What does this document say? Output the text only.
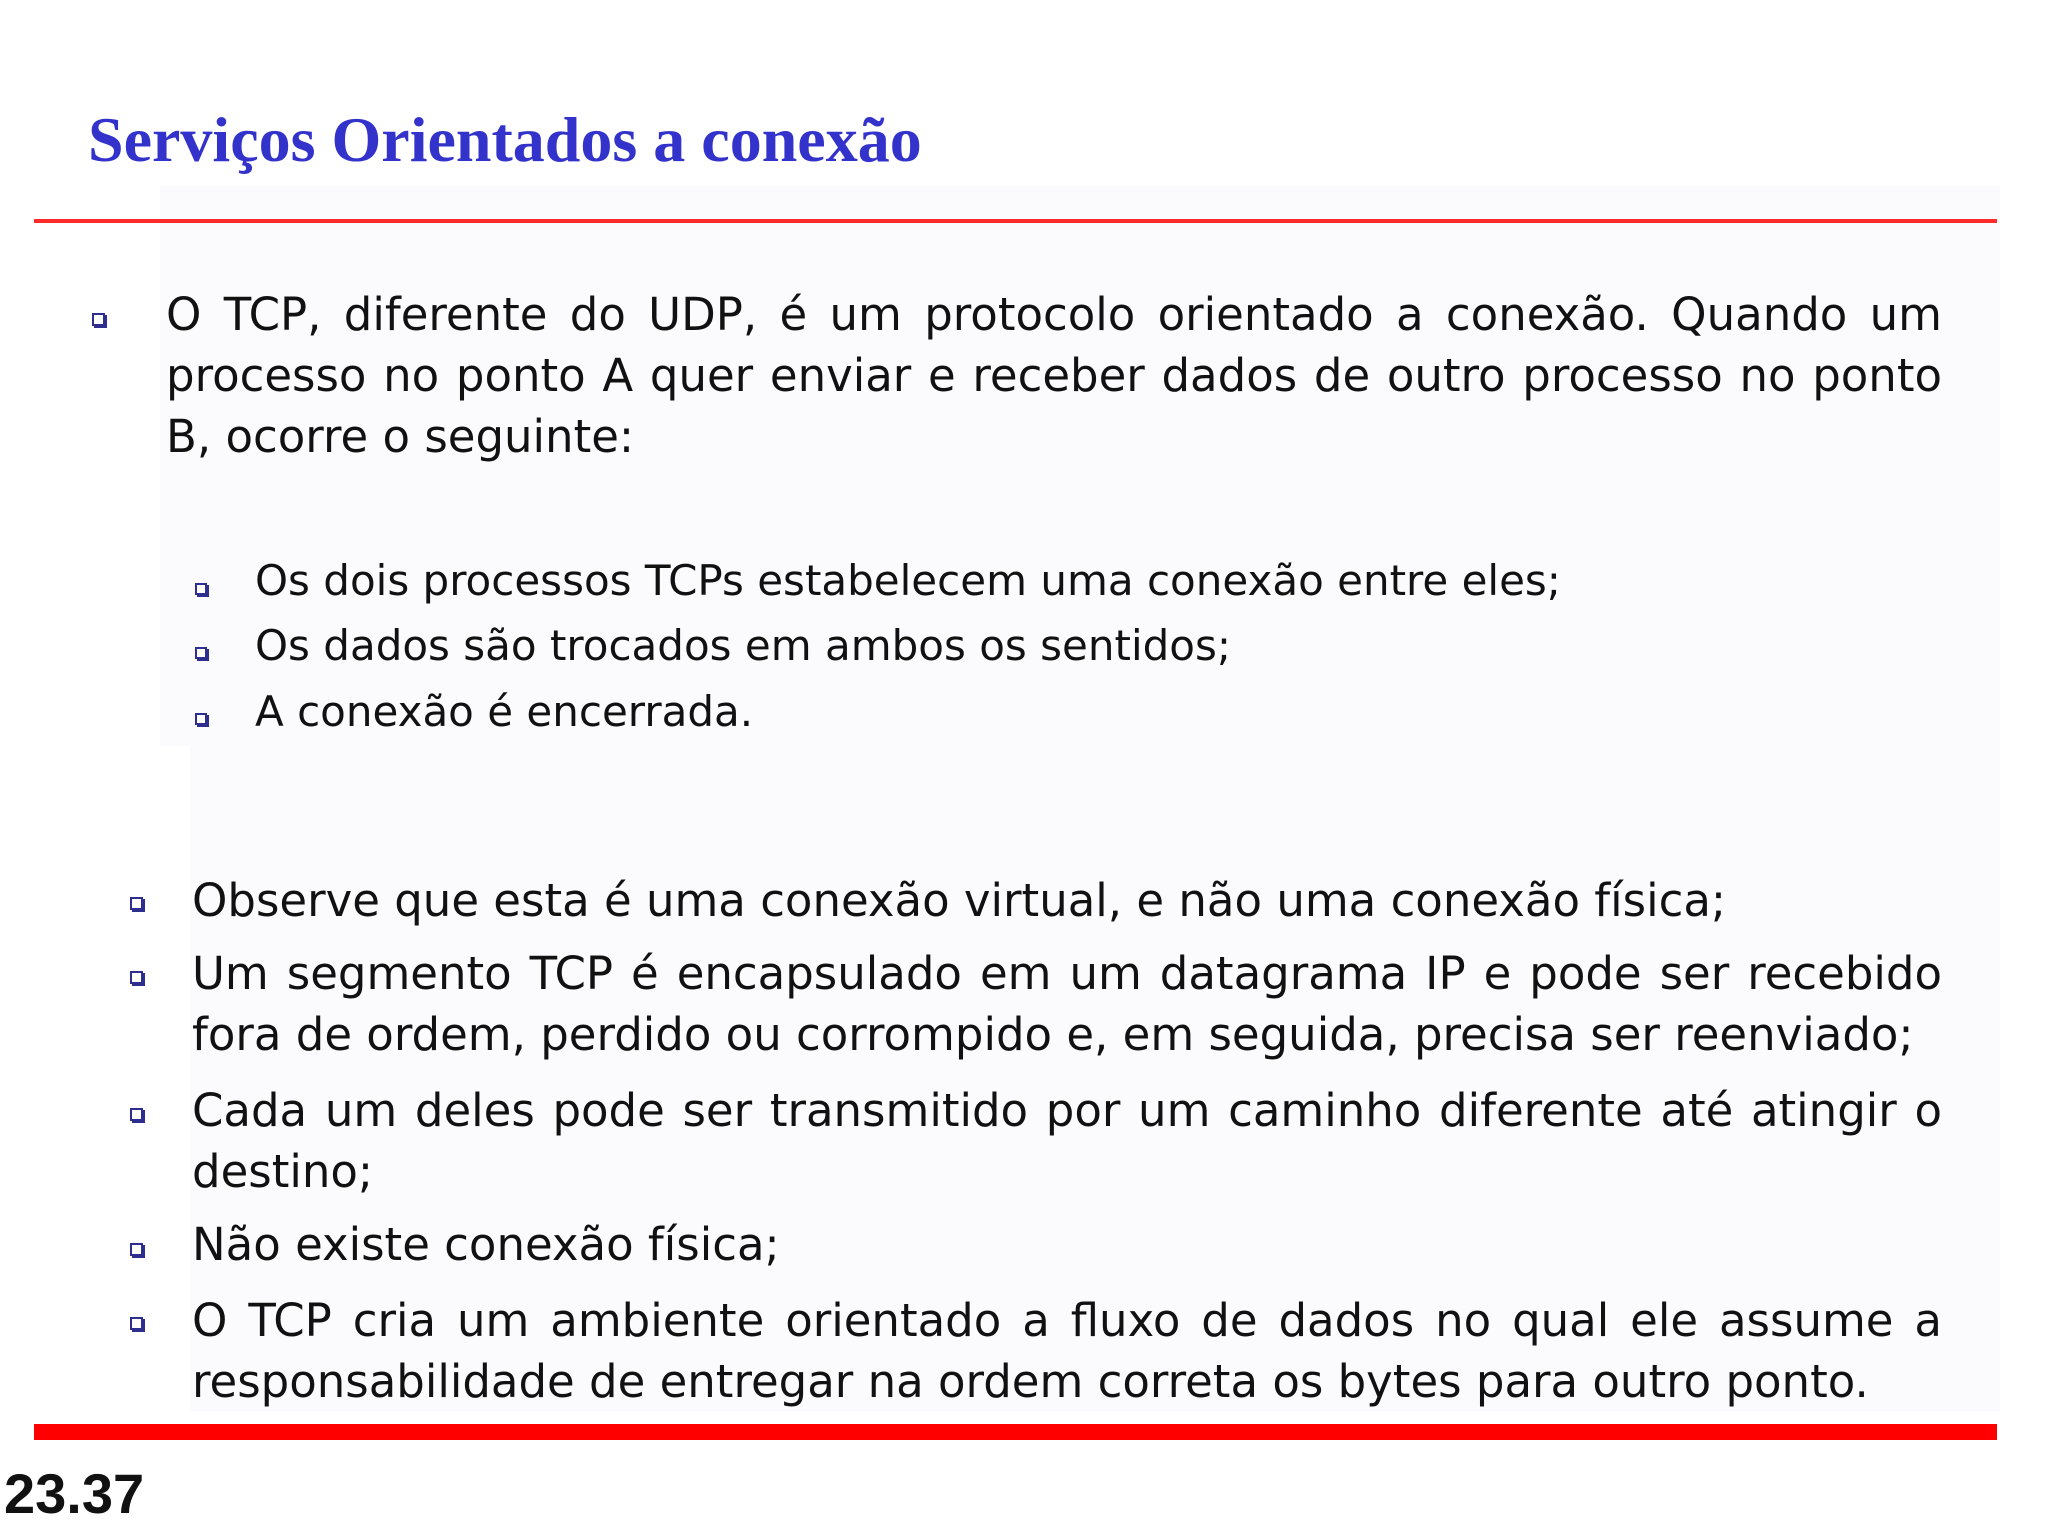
Serviços Orientados a conexão

O TCP, diferente do UDP, é um protocolo orientado a conexão. Quando um processo no ponto A quer enviar e receber dados de outro processo no ponto B, ocorre o seguinte:

Os dois processos TCPs estabelecem uma conexão entre eles;

Os dados são trocados em ambos os sentidos;

A conexão é encerrada.

Observe que esta é uma conexão virtual, e não uma conexão física;

Um segmento TCP é encapsulado em um datagrama IP e pode ser recebido fora de ordem, perdido ou corrompido e, em seguida, precisa ser reenviado;

Cada um deles pode ser transmitido por um caminho diferente até atingir o destino;

Não existe conexão física;

O TCP cria um ambiente orientado a fluxo de dados no qual ele assume a responsabilidade de entregar na ordem correta os bytes para outro ponto.

23.37
